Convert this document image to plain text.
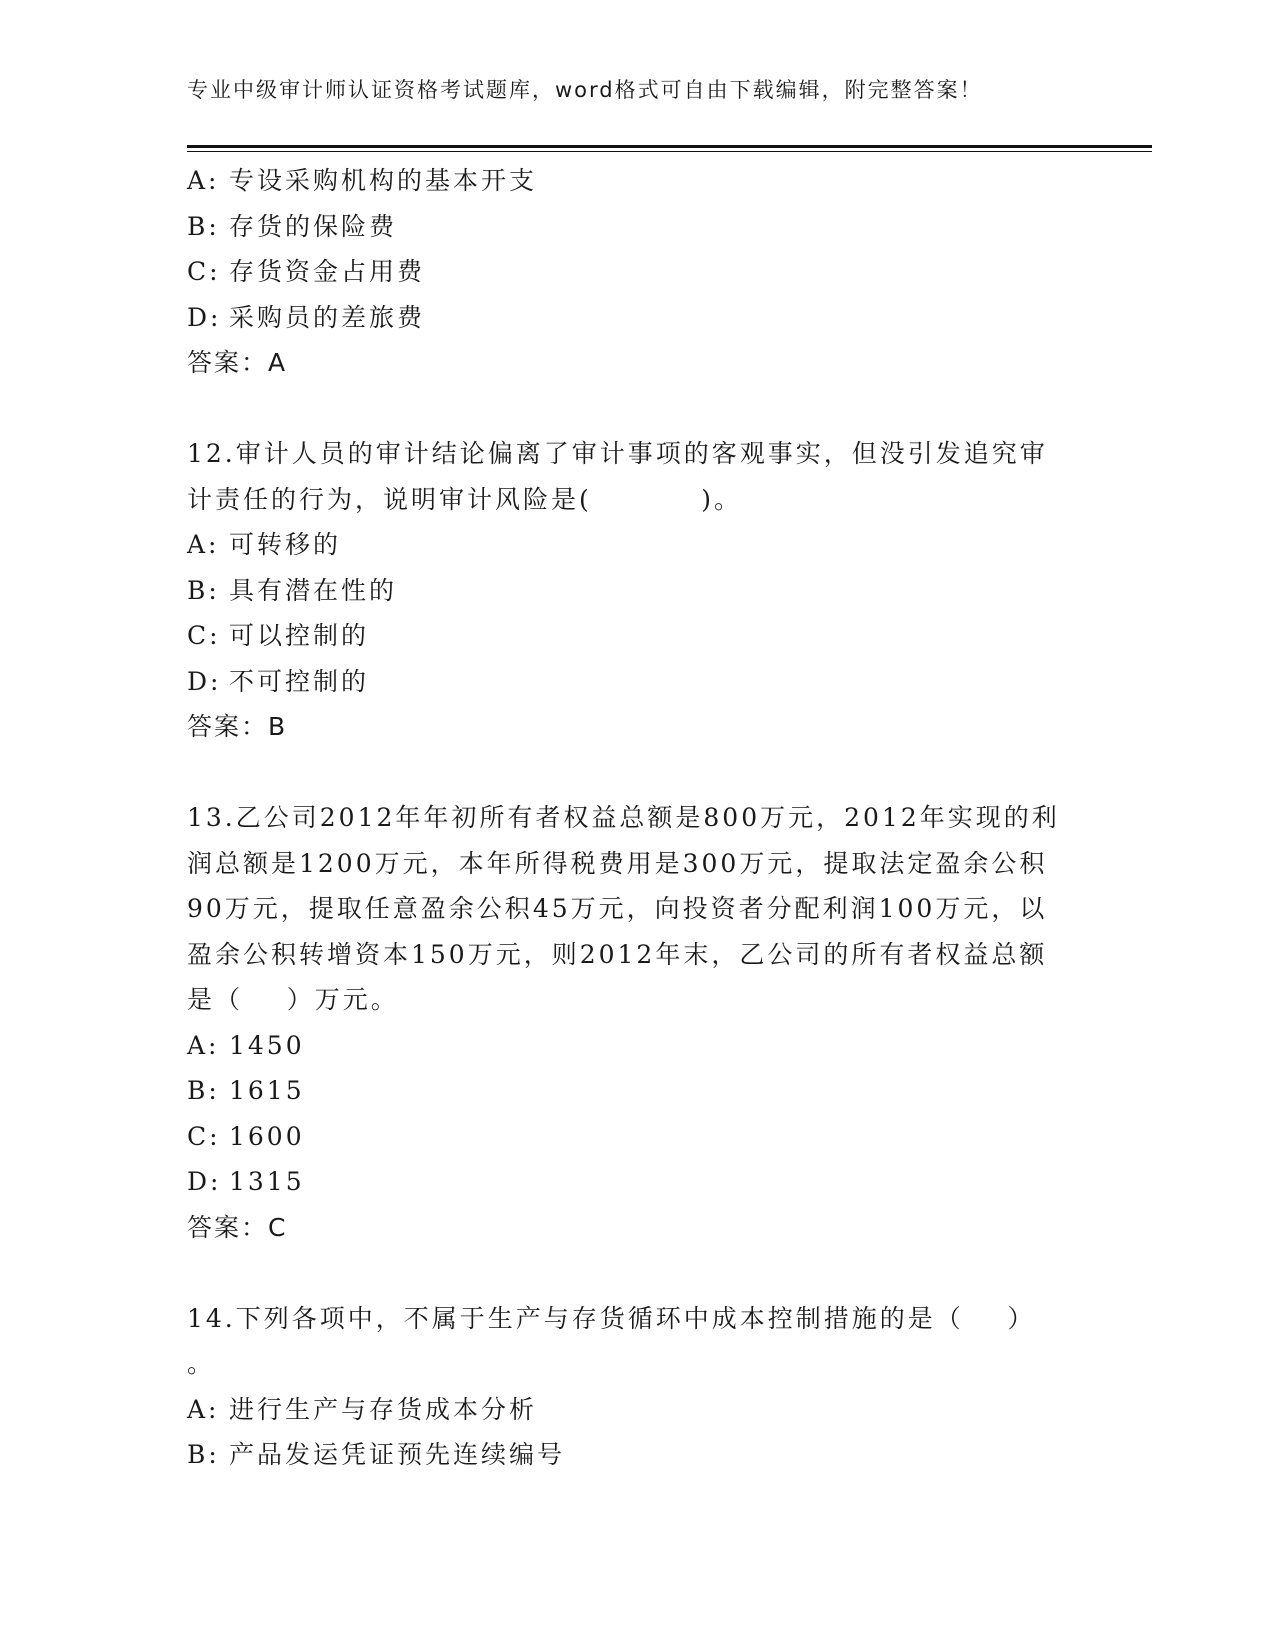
专业中级审计师认证资格考试题库，word格式可自由下载编辑，附完整答案！
A: 专设采购机构的基本开支
B: 存货的保险费
C: 存货资金占用费
D: 采购员的差旅费
答案：A
12.审计人员的审计结论偏离了审计事项的客观事实，但没引发追究审
计责任的行为，说明审计风险是(          )。
A: 可转移的
B: 具有潜在性的
C: 可以控制的
D: 不可控制的
答案：B
13.乙公司2012年年初所有者权益总额是800万元，2012年实现的利
润总额是1200万元，本年所得税费用是300万元，提取法定盈余公积
90万元，提取任意盈余公积45万元，向投资者分配利润100万元，以
盈余公积转增资本150万元，则2012年末，乙公司的所有者权益总额
是（    ）万元。
A: 1450
B: 1615
C: 1600
D: 1315
答案：C
14.下列各项中，不属于生产与存货循环中成本控制措施的是（    ）
。
A: 进行生产与存货成本分析
B: 产品发运凭证预先连续编号
